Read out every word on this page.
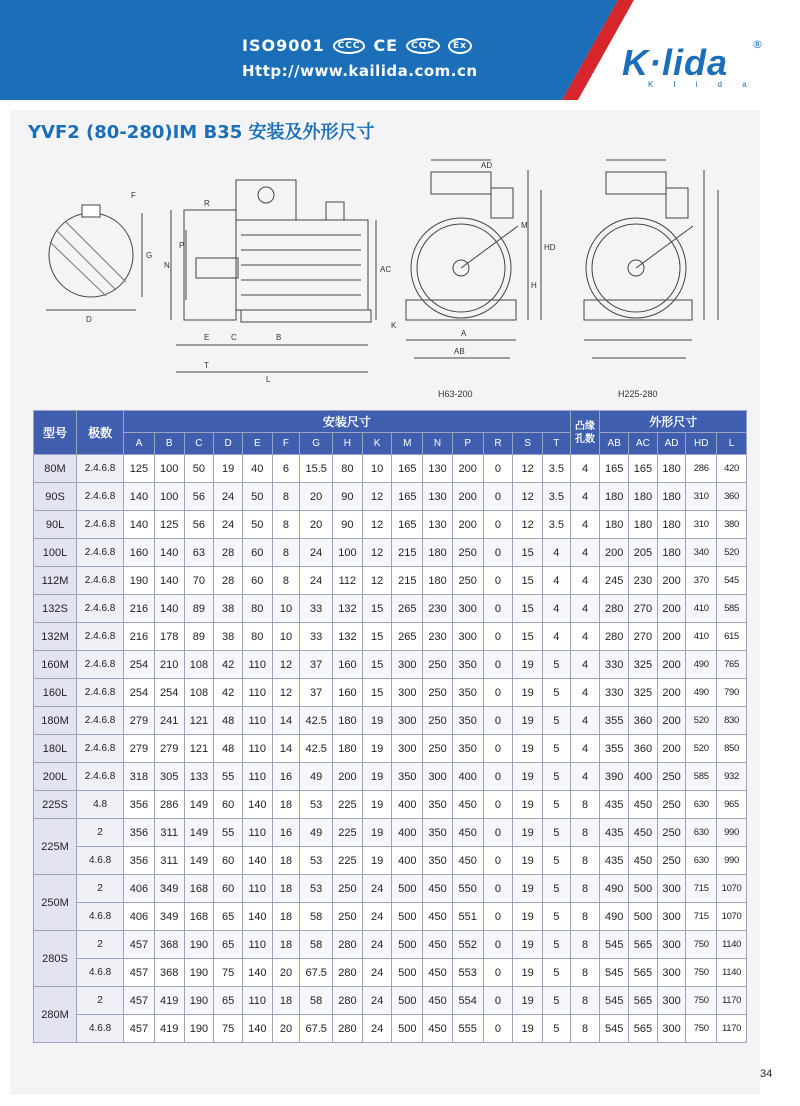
ISO9001	CCC CE	CQC	Ex
Http://www.kailida.com.cn	K·lida
K l i d a
®
YVF2 (80-280)IM B35 安装及外形尺寸
F
G
D
R
N
P
E	C	B
T
L
AC
AD
HD
M
H
A
AB
K
H63-200	H225-280
型号	极数	安装尺寸															凸缘孔数	外形尺寸				
		A	B	C	D	E	F	G	H	K	M	N	P	R	S	T		AB	AC	AD	HD	L
80M	2.4.6.8	125	100	50	19	40	6	15.5	80	10	165	130	200	0	12	3.5	4	165	165	180	286	420
90S	2.4.6.8	140	100	56	24	50	8	20	90	12	165	130	200	0	12	3.5	4	180	180	180	310	360
90L	2.4.6.8	140	125	56	24	50	8	20	90	12	165	130	200	0	12	3.5	4	180	180	180	310	380
100L	2.4.6.8	160	140	63	28	60	8	24	100	12	215	180	250	0	15	4	4	200	205	180	340	520
112M	2.4.6.8	190	140	70	28	60	8	24	112	12	215	180	250	0	15	4	4	245	230	200	370	545
132S	2.4.6.8	216	140	89	38	80	10	33	132	15	265	230	300	0	15	4	4	280	270	200	410	585
132M	2.4.6.8	216	178	89	38	80	10	33	132	15	265	230	300	0	15	4	4	280	270	200	410	615
160M	2.4.6.8	254	210	108	42	110	12	37	160	15	300	250	350	0	19	5	4	330	325	200	490	765
160L	2.4.6.8	254	254	108	42	110	12	37	160	15	300	250	350	0	19	5	4	330	325	200	490	790
180M	2.4.6.8	279	241	121	48	110	14	42.5	180	19	300	250	350	0	19	5	4	355	360	200	520	830
180L	2.4.6.8	279	279	121	48	110	14	42.5	180	19	300	250	350	0	19	5	4	355	360	200	520	850
200L	2.4.6.8	318	305	133	55	110	16	49	200	19	350	300	400	0	19	5	4	390	400	250	585	932
225S	4.8	356	286	149	60	140	18	53	225	19	400	350	450	0	19	5	8	435	450	250	630	965
225M	2	356	311	149	55	110	16	49	225	19	400	350	450	0	19	5	8	435	450	250	630	990
	4.6.8	356	311	149	60	140	18	53	225	19	400	350	450	0	19	5	8	435	450	250	630	990
250M	2	406	349	168	60	110	18	53	250	24	500	450	550	0	19	5	8	490	500	300	715	1070
	4.6.8	406	349	168	65	140	18	58	250	24	500	450	551	0	19	5	8	490	500	300	715	1070
280S	2	457	368	190	65	110	18	58	280	24	500	450	552	0	19	5	8	545	565	300	750	1140
	4.6.8	457	368	190	75	140	20	67.5	280	24	500	450	553	0	19	5	8	545	565	300	750	1140
280M	2	457	419	190	65	110	18	58	280	24	500	450	554	0	19	5	8	545	565	300	750	1170
	4.6.8	457	419	190	75	140	20	67.5	280	24	500	450	555	0	19	5	8	545	565	300	750	1170
34
